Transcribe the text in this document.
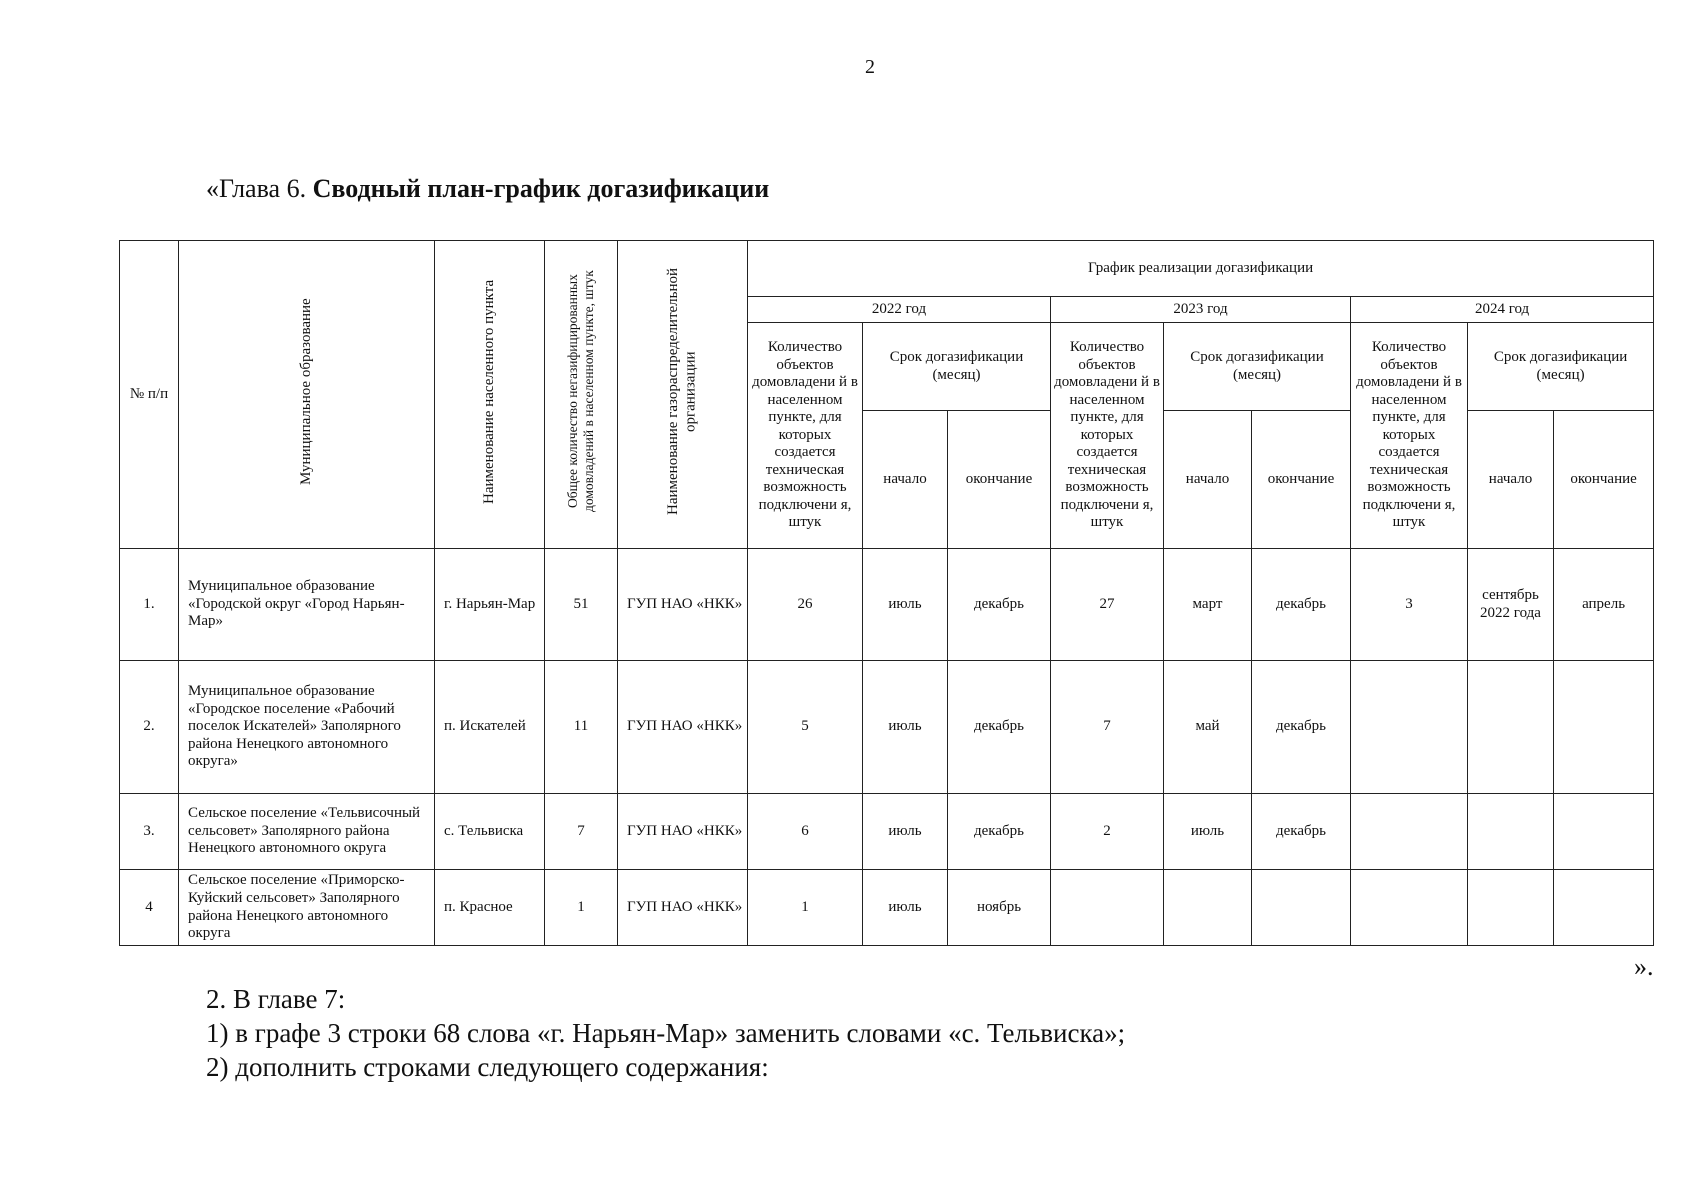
2
«Глава 6. Сводный план-график догазификации
№ п/п	Муниципальное образование	Наименование населенного пункта	Общее количество негазифицированных домовладений в населенном пункте, штук	Наименование газораспределительной организации	График реализации догазификации								
					2022 год			2023 год			2024 год		
					Количество объектов домовладени й в населенном пункте, для которых создается техническая возможность подключени я, штук	Срок догазификации (месяц)		Количество объектов домовладени й в населенном пункте, для которых создается техническая возможность подключени я, штук	Срок догазификации (месяц)		Количество объектов домовладени й в населенном пункте, для которых создается техническая возможность подключени я, штук	Срок догазификации (месяц)	
						начало	окончание		начало	окончание		начало	окончание
1.	Муниципальное образование «Городской округ «Город Нарьян-Мар»	г. Нарьян-Мар	51	ГУП НАО «НКК»	26	июль	декабрь	27	март	декабрь	3	сентябрь 2022 года	апрель
2.	Муниципальное образование «Городское поселение «Рабочий поселок Искателей» Заполярного района Ненецкого автономного округа»	п. Искателей	11	ГУП НАО «НКК»	5	июль	декабрь	7	май	декабрь			
3.	Сельское поселение «Тельвисочный сельсовет» Заполярного района Ненецкого автономного округа	с. Тельвиска	7	ГУП НАО «НКК»	6	июль	декабрь	2	июль	декабрь			
4	Сельское поселение «Приморско-Куйский сельсовет» Заполярного района Ненецкого автономного округа	п. Красное	1	ГУП НАО «НКК»	1	июль	ноябрь						
».
2. В главе 7:
1) в графе 3 строки 68 слова «г. Нарьян-Мар» заменить словами «с. Тельвиска»;
2) дополнить строками следующего содержания:
